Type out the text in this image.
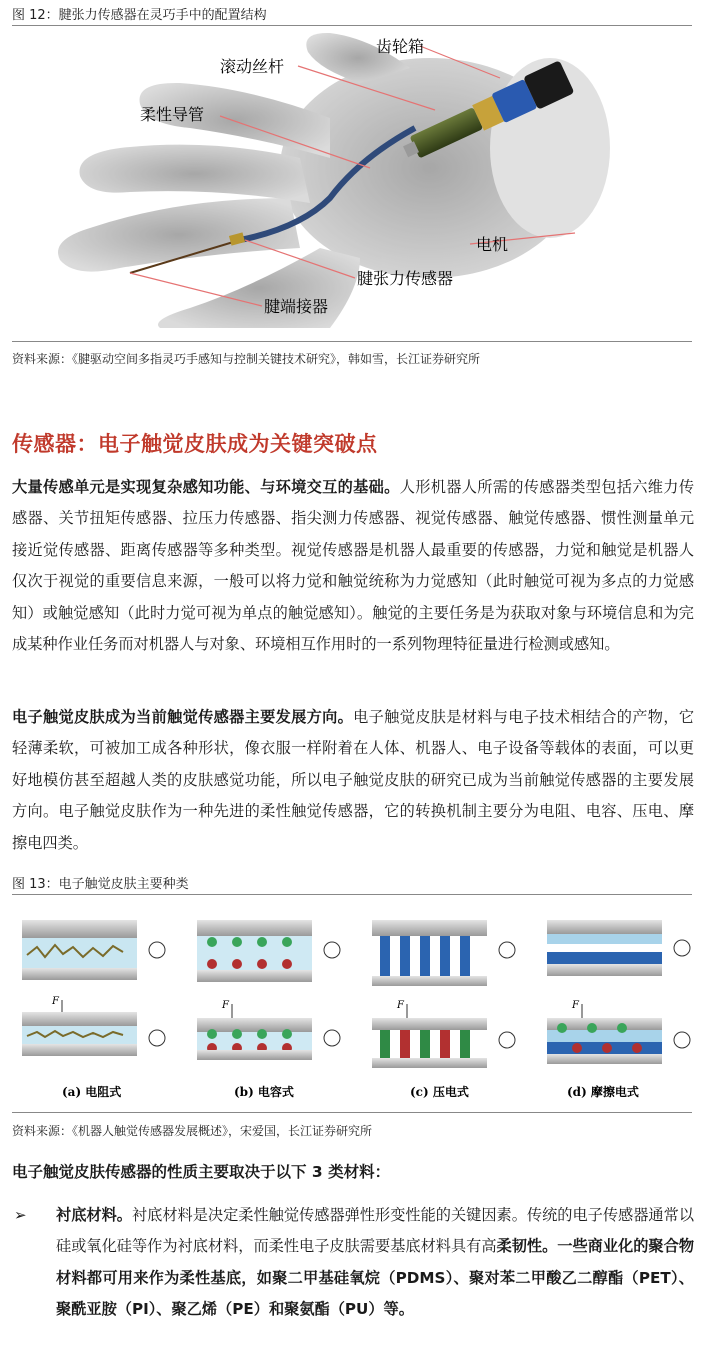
图 12：腱张力传感器在灵巧手中的配置结构
齿轮箱
滚动丝杆
柔性导管
电机
腱张力传感器
腱端接器
资料来源：《腱驱动空间多指灵巧手感知与控制关键技术研究》，韩如雪，长江证券研究所
传感器：电子触觉皮肤成为关键突破点

大量传感单元是实现复杂感知功能、与环境交互的基础。人形机器人所需的传感器类型包括六维力传感器、关节扭矩传感器、拉压力传感器、指尖测力传感器、视觉传感器、触觉传感器、惯性测量单元接近觉传感器、距离传感器等多种类型。视觉传感器是机器人最重要的传感器，力觉和触觉是机器人仅次于视觉的重要信息来源，一般可以将力觉和触觉统称为力觉感知（此时触觉可视为多点的力觉感知）或触觉感知（此时力觉可视为单点的触觉感知）。触觉的主要任务是为获取对象与环境信息和为完成某种作业任务而对机器人与对象、环境相互作用时的一系列物理特征量进行检测或感知。

电子触觉皮肤成为当前触觉传感器主要发展方向。电子触觉皮肤是材料与电子技术相结合的产物，它轻薄柔软，可被加工成各种形状，像衣服一样附着在人体、机器人、电子设备等载体的表面，可以更好地模仿甚至超越人类的皮肤感觉功能，所以电子触觉皮肤的研究已成为当前触觉传感器的主要发展方向。电子触觉皮肤作为一种先进的柔性触觉传感器，它的转换机制主要分为电阻、电容、压电、摩擦电四类。

图 13：电子触觉皮肤主要种类
F	F	F	F
(a) 电阻式	(b) 电容式	(c) 压电式	(d) 摩擦电式
资料来源：《机器人触觉传感器发展概述》，宋爱国，长江证券研究所
电子触觉皮肤传感器的性质主要取决于以下 3 类材料：
➢ 衬底材料。衬底材料是决定柔性触觉传感器弹性形变性能的关键因素。传统的电子传感器通常以硅或氧化硅等作为衬底材料，而柔性电子皮肤需要基底材料具有高柔韧性。一些商业化的聚合物材料都可用来作为柔性基底，如聚二甲基硅氧烷（PDMS）、聚对苯二甲酸乙二醇酯（PET）、聚酰亚胺（PI）、聚乙烯（PE）和聚氨酯（PU）等。
